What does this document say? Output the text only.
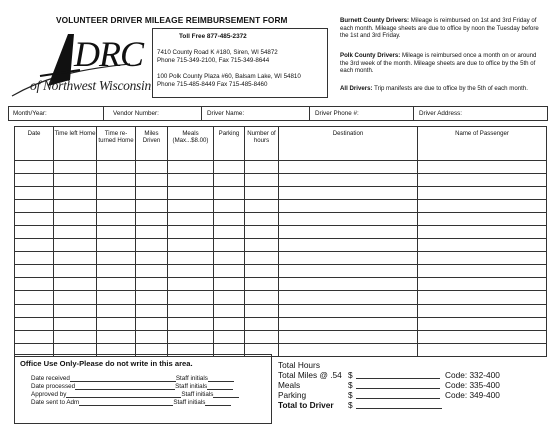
VOLUNTEER DRIVER MILEAGE REIMBURSEMENT FORM
DRC
of Northwest Wisconsin
Toll Free 877-485-2372
7410 County Road K #180, Siren, WI 54872
Phone 715-349-2100, Fax 715-349-8644
100 Polk County Plaza #60, Balsam Lake, WI 54810
Phone 715-485-8449 Fax 715-485-8460
Burnett County Drivers: Mileage is reimbursed on 1st and 3rd Friday of each month. Mileage sheets are due to office by noon the Tuesday before the 1st and 3rd Friday.
Polk County Drivers: Mileage is reimbursed once a month on or around the 3rd week of the month. Mileage sheets are due to office by the 5th of each month.
All Drivers: Trip manifests are due to office by the 5th of each month.
Month/Year:	Vendor Number:	Driver Name:	Driver Phone #:	Driver Address:
Date	Time left Home	Time re-turned Home	Miles Driven	Meals (Max...$8.00)	Parking	Number of hours	Destination	Name of Passenger

Office Use Only-Please do not write in this area.
Date received	Staff initials
Date processed	Staff initials
Approved by	Staff initials
Date sent to Adm	Staff initials
Total Hours
Total Miles @ .54 $	Code: 332-400
Meals	$	Code: 335-400
Parking	$	Code: 349-400
Total to Driver $
